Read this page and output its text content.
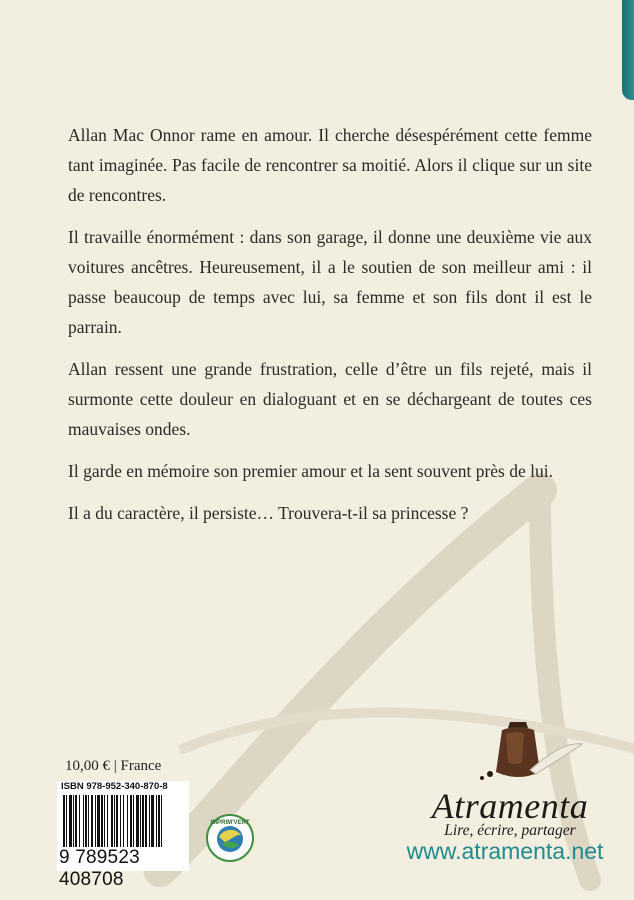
Allan Mac Onnor rame en amour. Il cherche désespérément cette femme tant imaginée. Pas facile de rencontrer sa moitié. Alors il clique sur un site de rencontres.

Il travaille énormément : dans son garage, il donne une deuxième vie aux voitures ancêtres. Heureusement, il a le soutien de son meilleur ami : il passe beaucoup de temps avec lui, sa femme et son fils dont il est le parrain.

Allan ressent une grande frustration, celle d’être un fils rejeté, mais il surmonte cette douleur en dialoguant et en se déchargeant de toutes ces mauvaises ondes.

Il garde en mémoire son premier amour et la sent souvent près de lui.

Il a du caractère, il persiste… Trouvera-t-il sa princesse ?

10,00 € | France
ISBN 978-952-340-870-8
9 789523 408708
IMPRIM'VERT	Atramenta
Lire, écrire, partager
www.atramenta.net
